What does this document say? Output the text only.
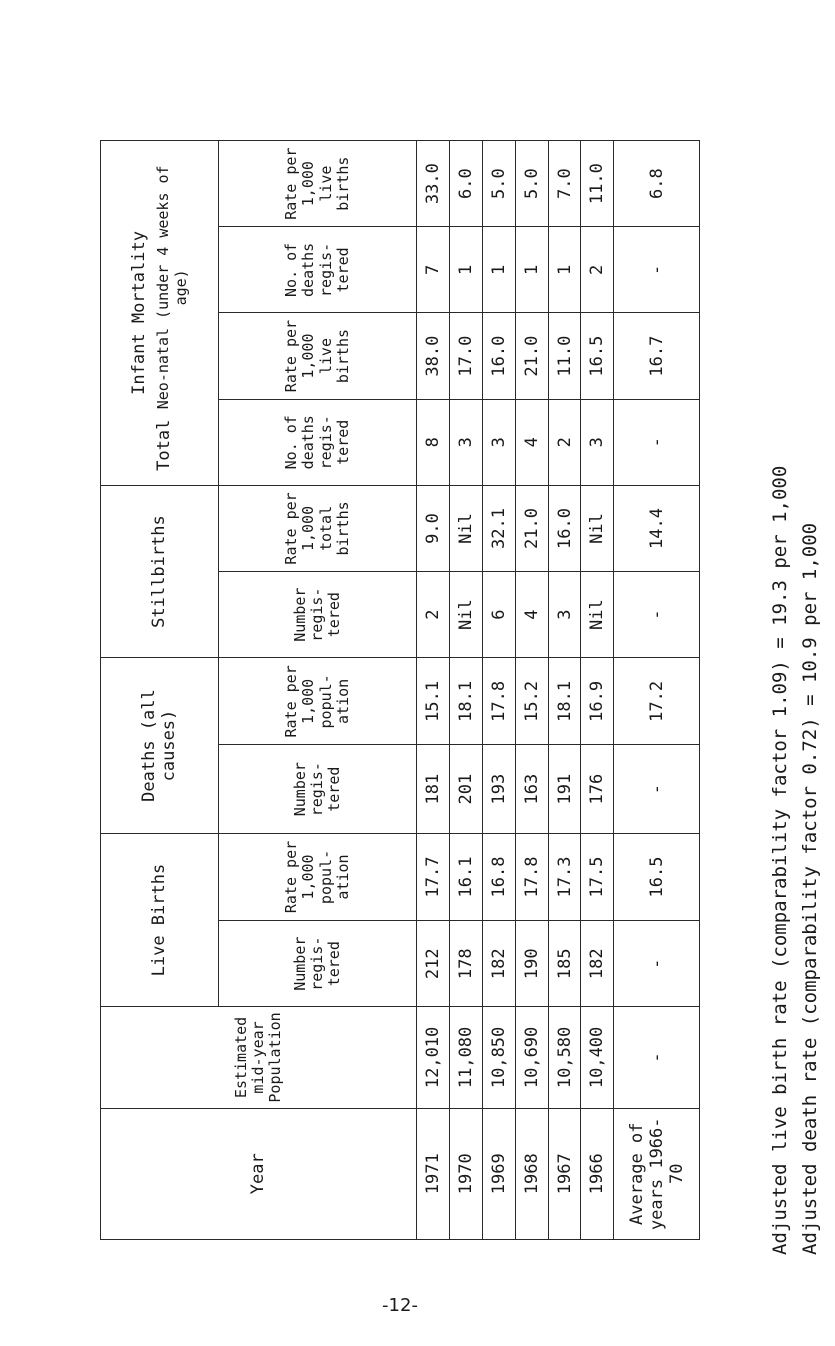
Year	Estimated mid-year Population	Live Births		Deaths (all causes)		Stillbirths		Infant Mortality
Total
Neo-natal (under 4 weeks of age)			

		Number regis-tered	Rate per 1,000 popul-ation	Number regis-tered	Rate per 1,000 popul-ation	Number regis-tered	Rate per 1,000 total births	No. of deaths regis-tered	Rate per 1,000 live births	No. of deaths regis-tered	Rate per 1,000 live births
1971	12,010	212	17.7	181	15.1	2	9.0	8	38.0	7	33.0
1970	11,080	178	16.1	201	18.1	Nil	Nil	3	17.0	1	6.0
1969	10,850	182	16.8	193	17.8	6	32.1	3	16.0	1	5.0
1968	10,690	190	17.8	163	15.2	4	21.0	4	21.0	1	5.0
1967	10,580	185	17.3	191	18.1	3	16.0	2	11.0	1	7.0
1966	10,400	182	17.5	176	16.9	Nil	Nil	3	16.5	2	11.0
Average of years 1966-70	-	-	16.5	-	17.2	-	14.4	-	16.7	-	6.8
Adjusted live birth rate (comparability factor 1.09) = 19.3 per 1,000 Adjusted death rate (comparability factor 0.72) = 10.9 per 1,000
-12-
